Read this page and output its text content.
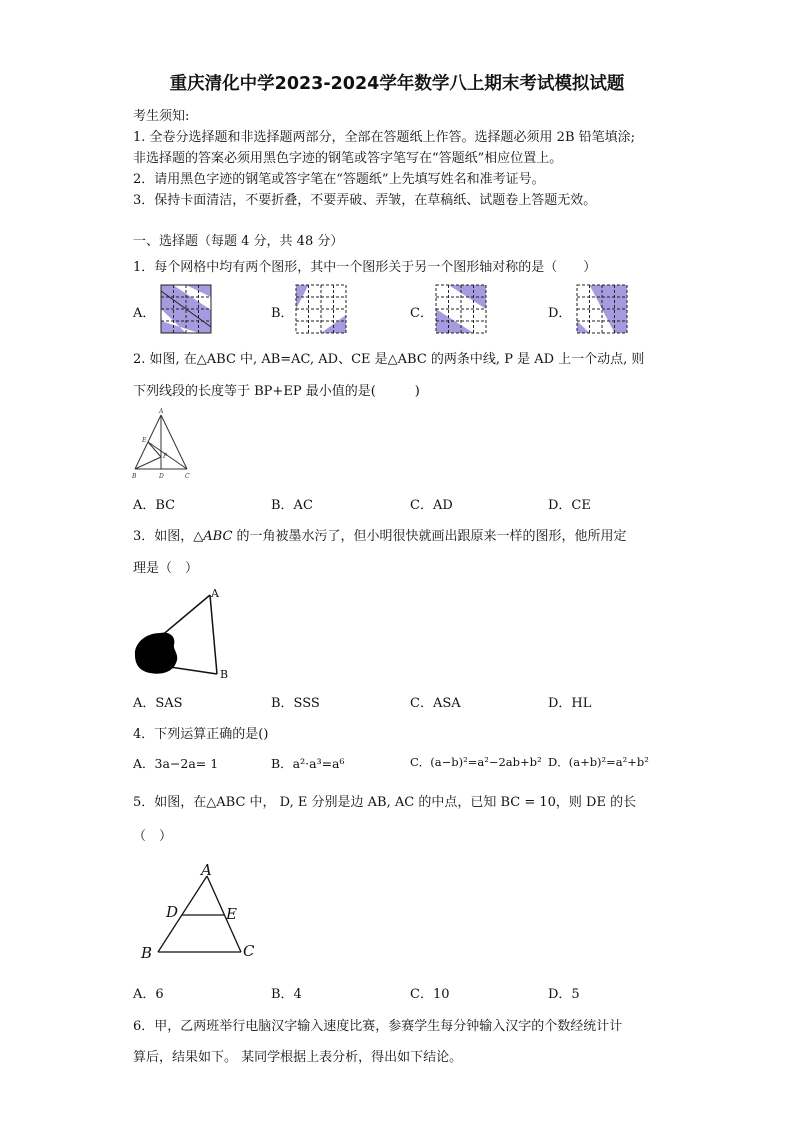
重庆清化中学2023-2024学年数学八上期末考试模拟试题
考生须知:
1. 全卷分选择题和非选择题两部分，全部在答题纸上作答。选择题必须用 2B 铅笔填涂;
非选择题的答案必须用黑色字迹的钢笔或答字笔写在“答题纸”相应位置上。
2．请用黑色字迹的钢笔或答字笔在“答题纸”上先填写姓名和准考证号。
3．保持卡面清洁，不要折叠，不要弄破、弄皱，在草稿纸、试题卷上答题无效。
一、选择题（每题 4 分，共 48 分）
1．每个网格中均有两个图形，其中一个图形关于另一个图形轴对称的是（　　）
A．	B．	C．	D．
2. 如图, 在△ABC 中, AB=AC, AD、CE 是△ABC 的两条中线, P 是 AD 上一个动点, 则
下列线段的长度等于 BP+EP 最小值的是(　　　)
A
E
P
B	D	C
A．BC	B．AC	C．AD	D．CE
3．如图，△ABC 的一角被墨水污了，但小明很快就画出跟原来一样的图形，他所用定
理是（　）
A
B
A．SAS	B．SSS	C．ASA	D．HL
4．下列运算正确的是()
A．3a−2a= 1	B．a²·a³=a⁶	C．(a−b)²=a²−2ab+b² D．(a+b)²=a²+b²
5．如图，在△ABC 中， D, E 分别是边 AB, AC 的中点，已知 BC = 10，则 DE 的长
（　）
A
D	E
B	C
A．6	B．4	C．10	D．5
6．甲，乙两班举行电脑汉字输入速度比赛，参赛学生每分钟输入汉字的个数经统计计
算后，结果如下。 某同学根据上表分析，得出如下结论。
